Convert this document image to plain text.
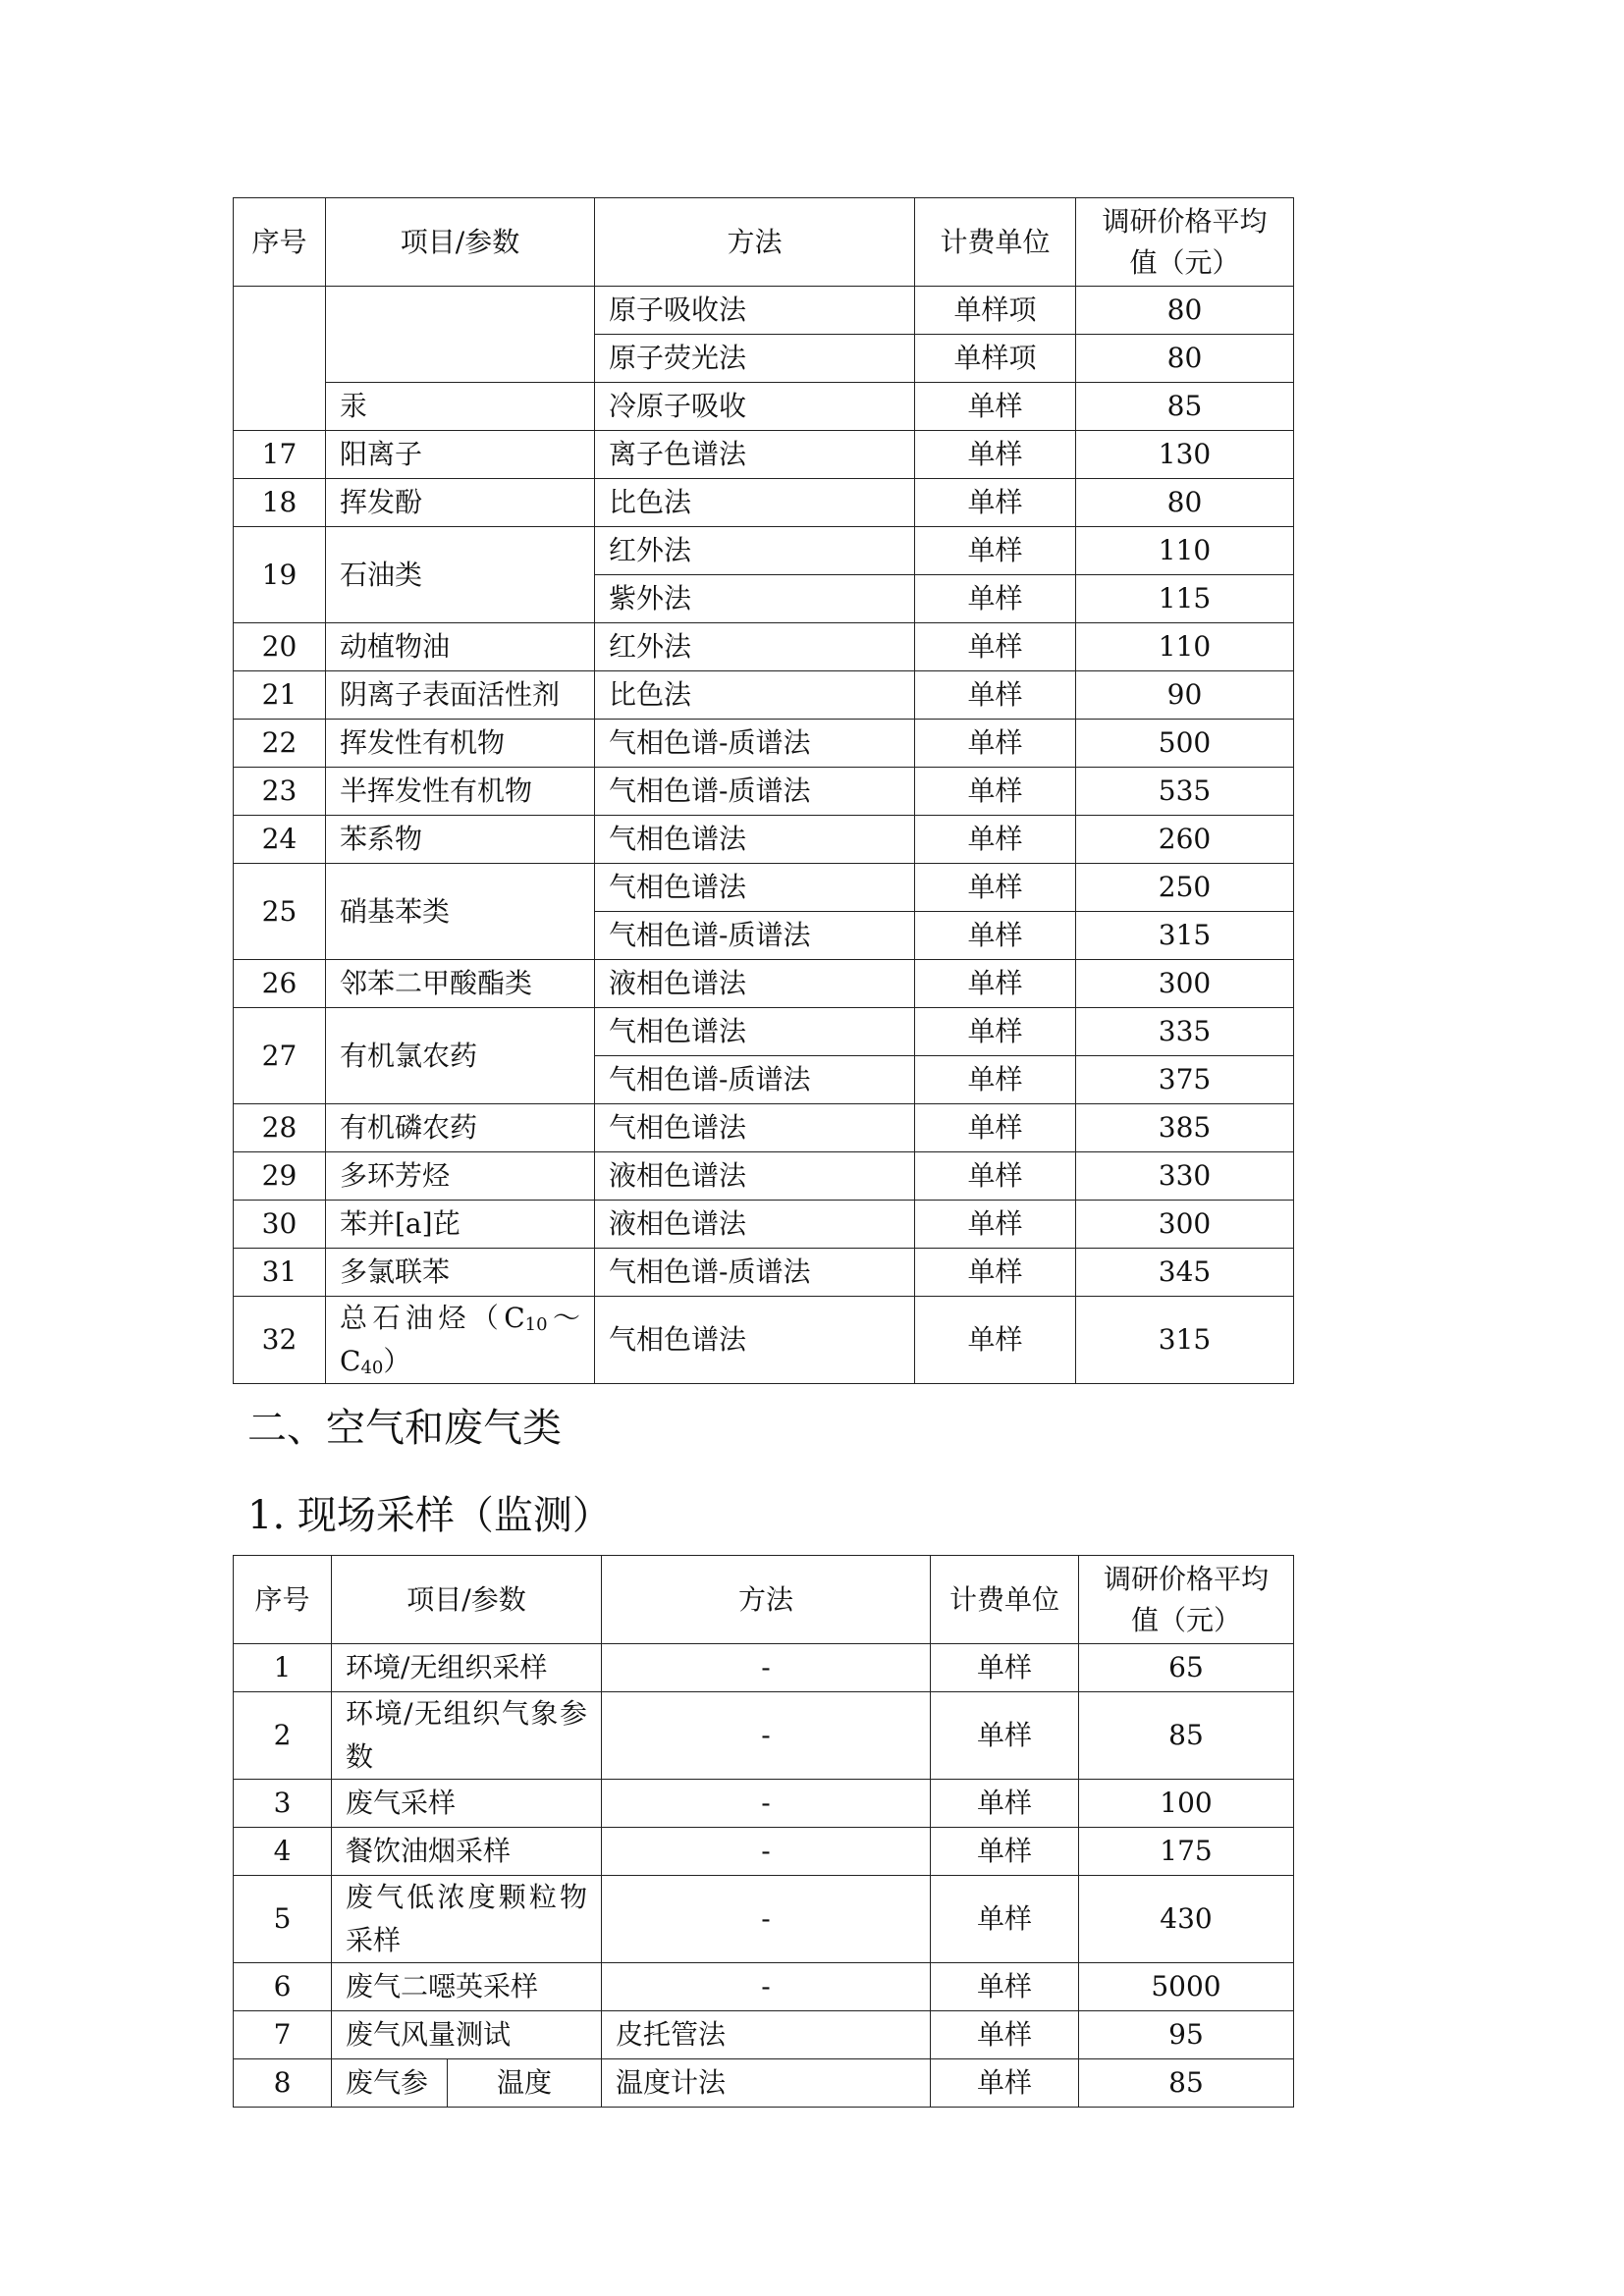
序号	项目/参数	方法	计费单位	调研价格平均
值（元）
		原子吸收法	单样项	80
		原子荧光法	单样项	80
	汞	冷原子吸收	单样	85
17	阳离子	离子色谱法	单样	130
18	挥发酚	比色法	单样	80
19	石油类	红外法	单样	110
		紫外法	单样	115
20	动植物油	红外法	单样	110
21	阴离子表面活性剂	比色法	单样	90
22	挥发性有机物	气相色谱-质谱法	单样	500
23	半挥发性有机物	气相色谱-质谱法	单样	535
24	苯系物	气相色谱法	单样	260
25	硝基苯类	气相色谱法	单样	250
		气相色谱-质谱法	单样	315
26	邻苯二甲酸酯类	液相色谱法	单样	300
27	有机氯农药	气相色谱法	单样	335
		气相色谱-质谱法	单样	375
28	有机磷农药	气相色谱法	单样	385
29	多环芳烃	液相色谱法	单样	330
30	苯并[a]芘	液相色谱法	单样	300
31	多氯联苯	气相色谱-质谱法	单样	345
32	总石油烃（$C_{10}\sim$
$C_{40}$）	气相色谱法	单样	315
二、空气和废气类
1. 现场采样（监测）
序号	项目/参数		方法	计费单位	调研价格平均
值（元）
1	环境/无组织采样		-	单样	65
2	环境/无组织气象参
数		-	单样	85
3	废气采样		-	单样	100
4	餐饮油烟采样		-	单样	175
5	废气低浓度颗粒物
采样		-	单样	430
6	废气二噁英采样		-	单样	5000
7	废气风量测试		皮托管法	单样	95
8	废气参	温度	温度计法	单样	85
